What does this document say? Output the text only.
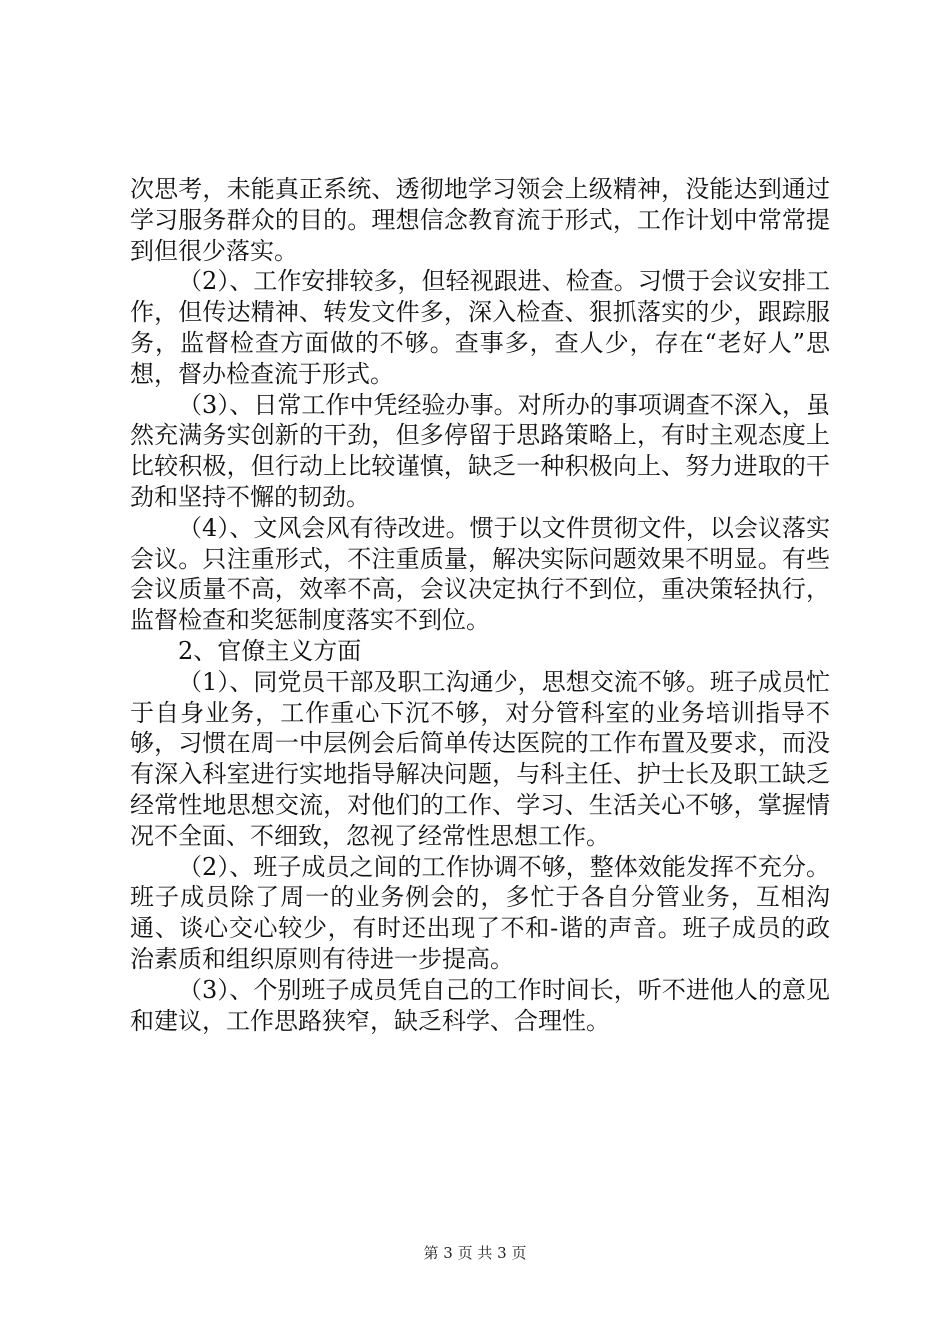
次思考，未能真正系统、透彻地学习领会上级精神，没能达到通过学习服务群众的目的。理想信念教育流于形式，工作计划中常常提到但很少落实。

（2）、工作安排较多，但轻视跟进、检查。习惯于会议安排工作，但传达精神、转发文件多，深入检查、狠抓落实的少，跟踪服务，监督检查方面做的不够。查事多，查人少，存在“老好人”思想，督办检查流于形式。

（3）、日常工作中凭经验办事。对所办的事项调查不深入，虽然充满务实创新的干劲，但多停留于思路策略上，有时主观态度上比较积极，但行动上比较谨慎，缺乏一种积极向上、努力进取的干劲和坚持不懈的韧劲。

（4）、文风会风有待改进。惯于以文件贯彻文件，以会议落实会议。只注重形式，不注重质量，解决实际问题效果不明显。有些会议质量不高，效率不高，会议决定执行不到位，重决策轻执行，监督检查和奖惩制度落实不到位。

2、官僚主义方面

（1）、同党员干部及职工沟通少，思想交流不够。班子成员忙于自身业务，工作重心下沉不够，对分管科室的业务培训指导不够，习惯在周一中层例会后简单传达医院的工作布置及要求，而没有深入科室进行实地指导解决问题，与科主任、护士长及职工缺乏经常性地思想交流，对他们的工作、学习、生活关心不够，掌握情况不全面、不细致，忽视了经常性思想工作。

（2）、班子成员之间的工作协调不够，整体效能发挥不充分。班子成员除了周一的业务例会的，多忙于各自分管业务，互相沟通、谈心交心较少，有时还出现了不和-谐的声音。班子成员的政治素质和组织原则有待进一步提高。

（3）、个别班子成员凭自己的工作时间长，听不进他人的意见和建议，工作思路狭窄，缺乏科学、合理性。

第 3 页 共 3 页
